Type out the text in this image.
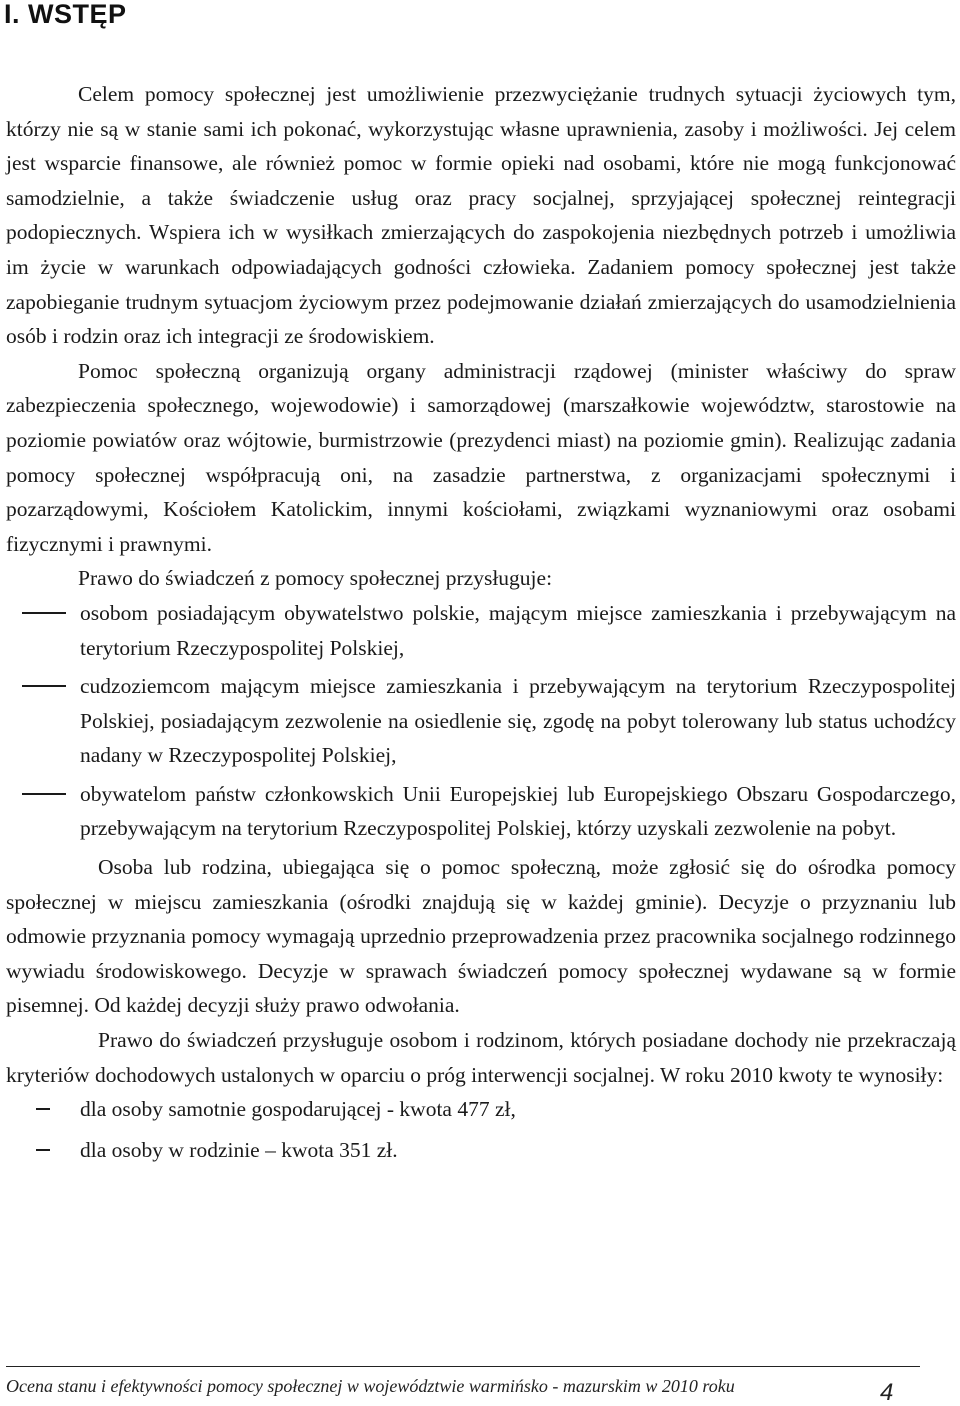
I. WSTĘP

Celem pomocy społecznej jest umożliwienie przezwyciężanie trudnych sytuacji życiowych tym, którzy nie są w stanie sami ich pokonać, wykorzystując własne uprawnienia, zasoby i możliwości. Jej celem jest wsparcie finansowe, ale również pomoc w formie opieki nad osobami, które nie mogą funkcjonować samodzielnie, a także świadczenie usług oraz pracy socjalnej, sprzyjającej społecznej reintegracji podopiecznych. Wspiera ich w wysiłkach zmierzających do zaspokojenia niezbędnych potrzeb i umożliwia im życie w warunkach odpowiadających godności człowieka. Zadaniem pomocy społecznej jest także zapobieganie trudnym sytuacjom życiowym przez podejmowanie działań zmierzających do usamodzielnienia osób i rodzin oraz ich integracji ze środowiskiem.

Pomoc społeczną organizują organy administracji rządowej (minister właściwy do spraw zabezpieczenia społecznego, wojewodowie) i samorządowej (marszałkowie województw, starostowie na poziomie powiatów oraz wójtowie, burmistrzowie (prezydenci miast) na poziomie gmin). Realizując zadania pomocy społecznej współpracują oni, na zasadzie partnerstwa, z organizacjami społecznymi i pozarządowymi, Kościołem Katolickim, innymi kościołami, związkami wyznaniowymi oraz osobami fizycznymi i prawnymi.

Prawo do świadczeń z pomocy społecznej przysługuje:

osobom posiadającym obywatelstwo polskie, mającym miejsce zamieszkania i przebywającym na terytorium Rzeczypospolitej Polskiej,
cudzoziemcom mającym miejsce zamieszkania i przebywającym na terytorium Rzeczypospolitej Polskiej, posiadającym zezwolenie na osiedlenie się, zgodę na pobyt tolerowany lub status uchodźcy nadany w Rzeczypospolitej Polskiej,
obywatelom państw członkowskich Unii Europejskiej lub Europejskiego Obszaru Gospodarczego, przebywającym na terytorium Rzeczypospolitej Polskiej, którzy uzyskali zezwolenie na pobyt.

Osoba lub rodzina, ubiegająca się o pomoc społeczną, może zgłosić się do ośrodka pomocy społecznej w miejscu zamieszkania (ośrodki znajdują się w każdej gminie). Decyzje o przyznaniu lub odmowie przyznania pomocy wymagają uprzednio przeprowadzenia przez pracownika socjalnego rodzinnego wywiadu środowiskowego. Decyzje w sprawach świadczeń pomocy społecznej wydawane są w formie pisemnej. Od każdej decyzji służy prawo odwołania.

Prawo do świadczeń przysługuje osobom i rodzinom, których posiadane dochody nie przekraczają kryteriów dochodowych ustalonych w oparciu o próg interwencji socjalnej. W roku 2010 kwoty te wynosiły:

dla osoby samotnie gospodarującej - kwota 477 zł,
dla osoby w rodzinie – kwota 351 zł.
Ocena stanu i efektywności pomocy społecznej w województwie warmińsko - mazurskim w 2010 roku	4
